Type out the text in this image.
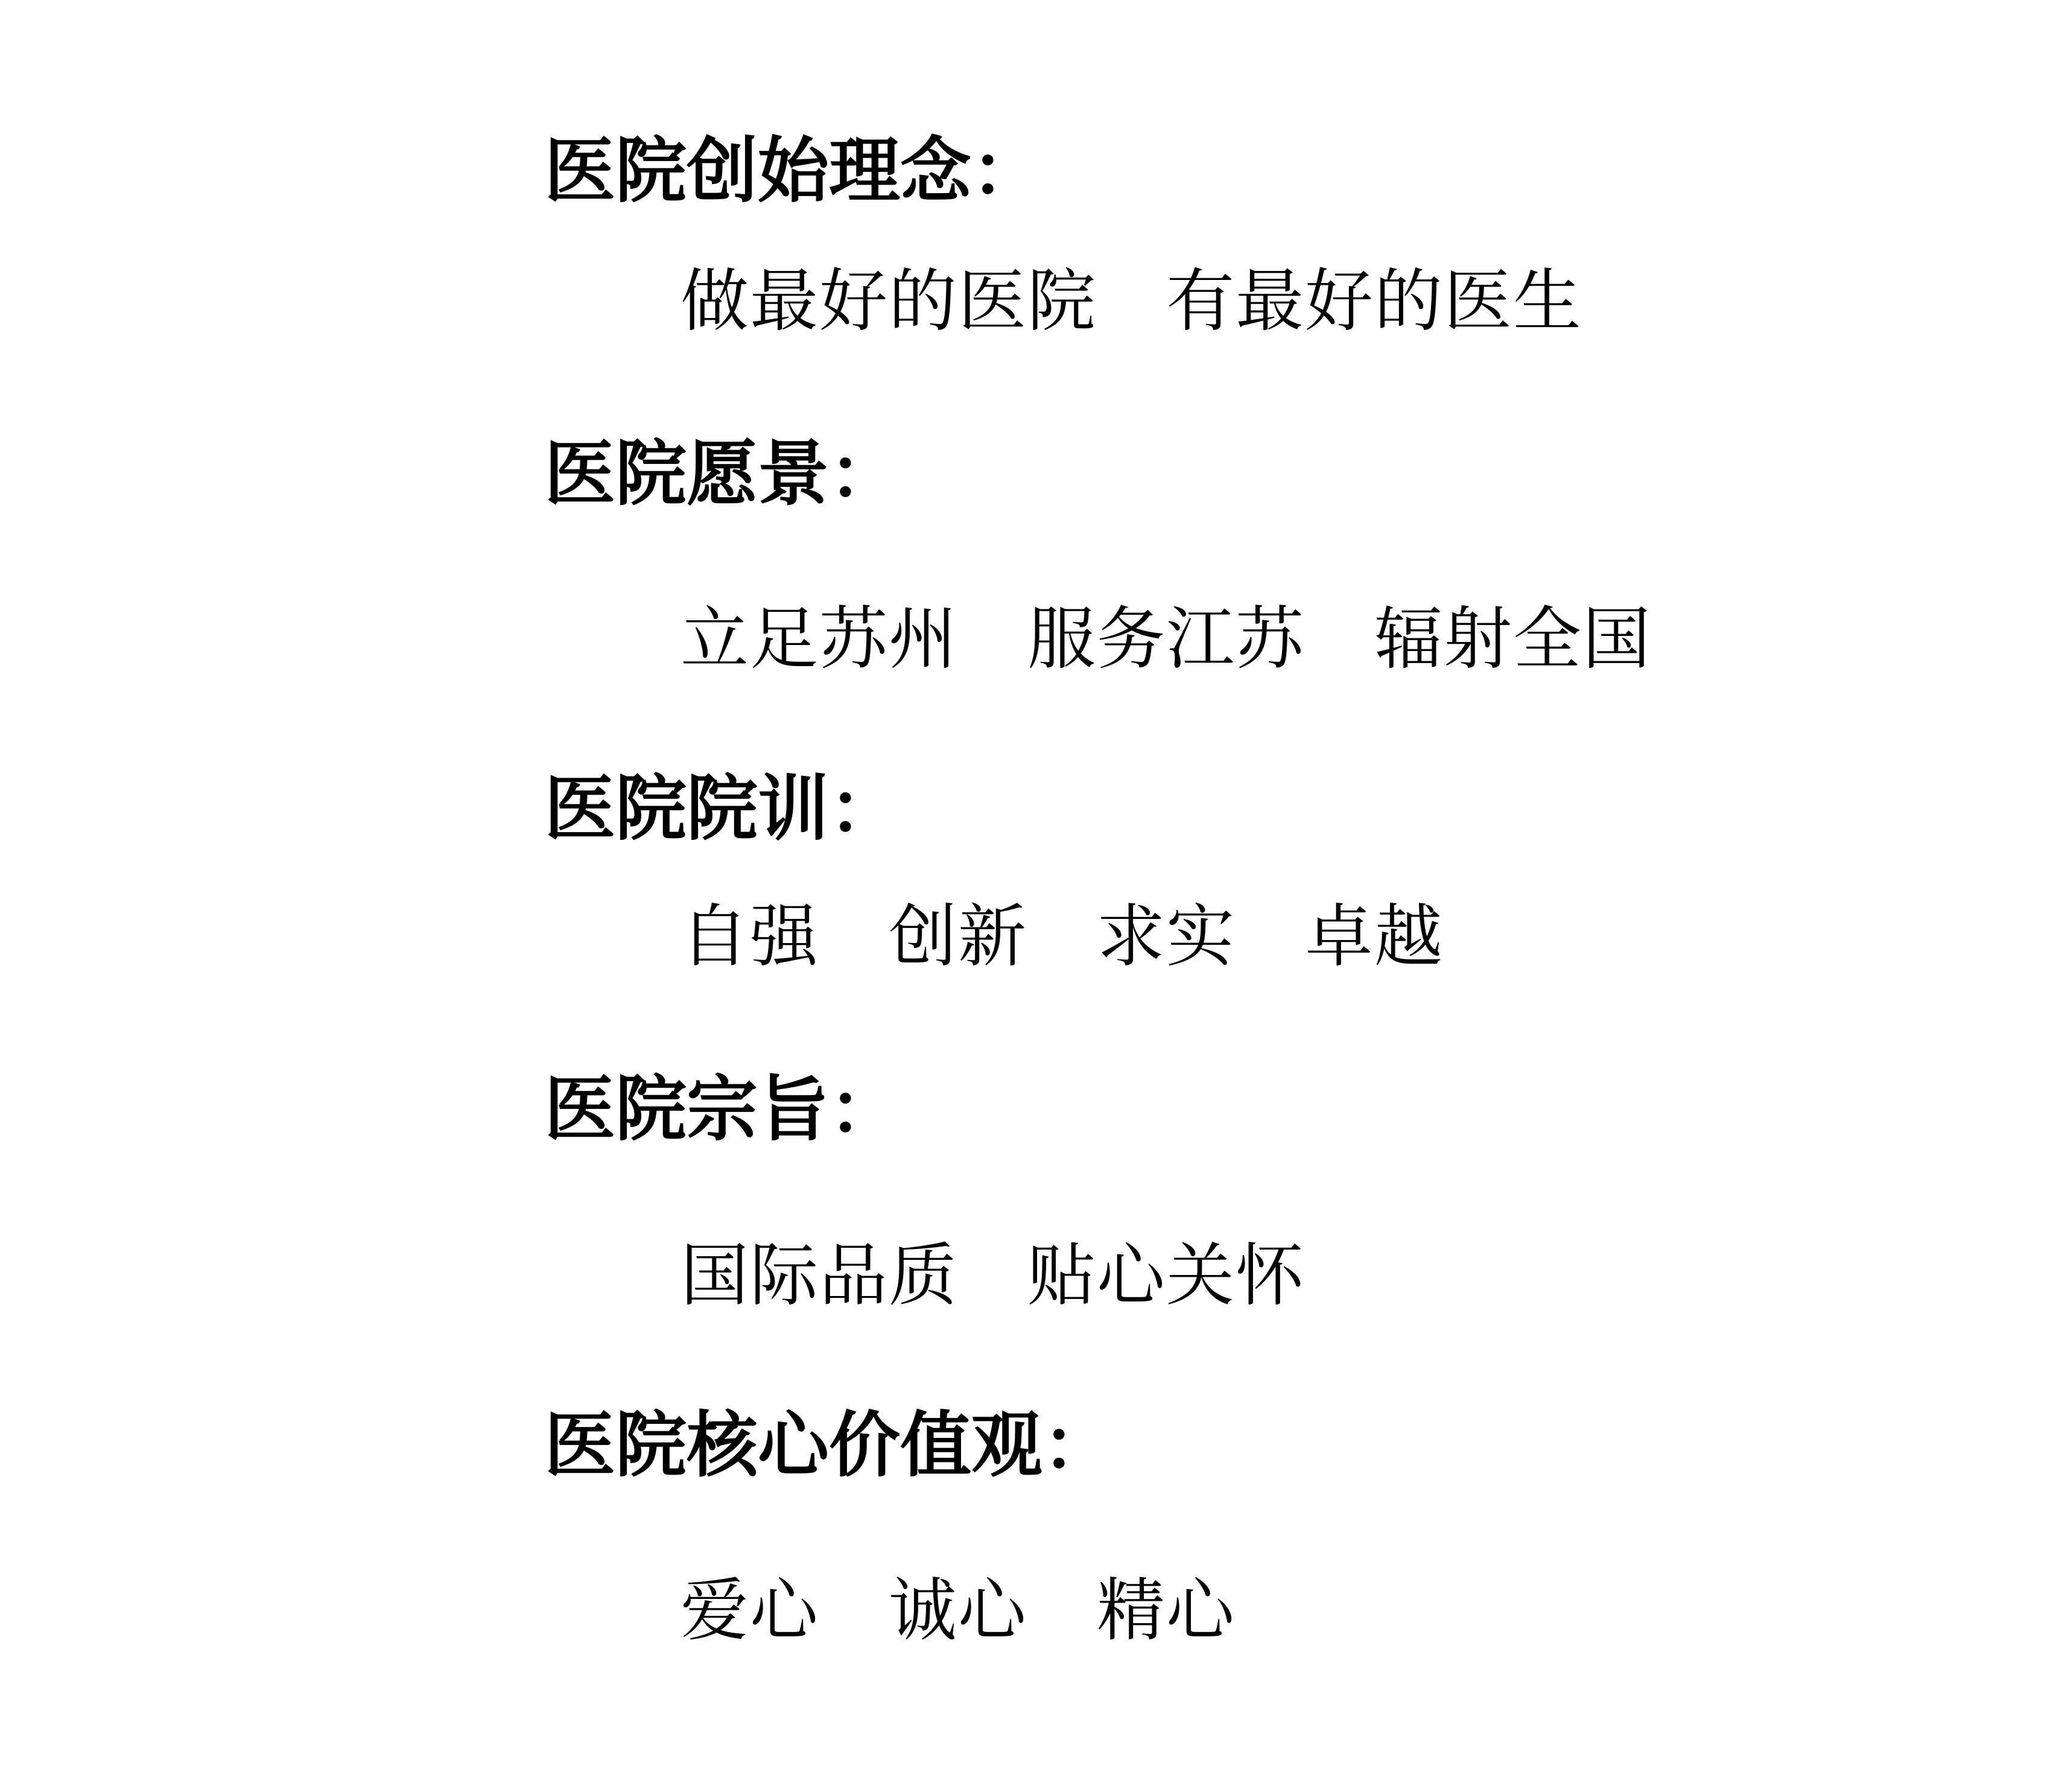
医院创始理念：
做最好的医院　有最好的医生
医院愿景：
立足苏州　服务江苏　辐射全国
医院院训：
自强　创新　求实　卓越
医院宗旨：
国际品质　贴心关怀
医院核心价值观：
爱心　诚心　精心
